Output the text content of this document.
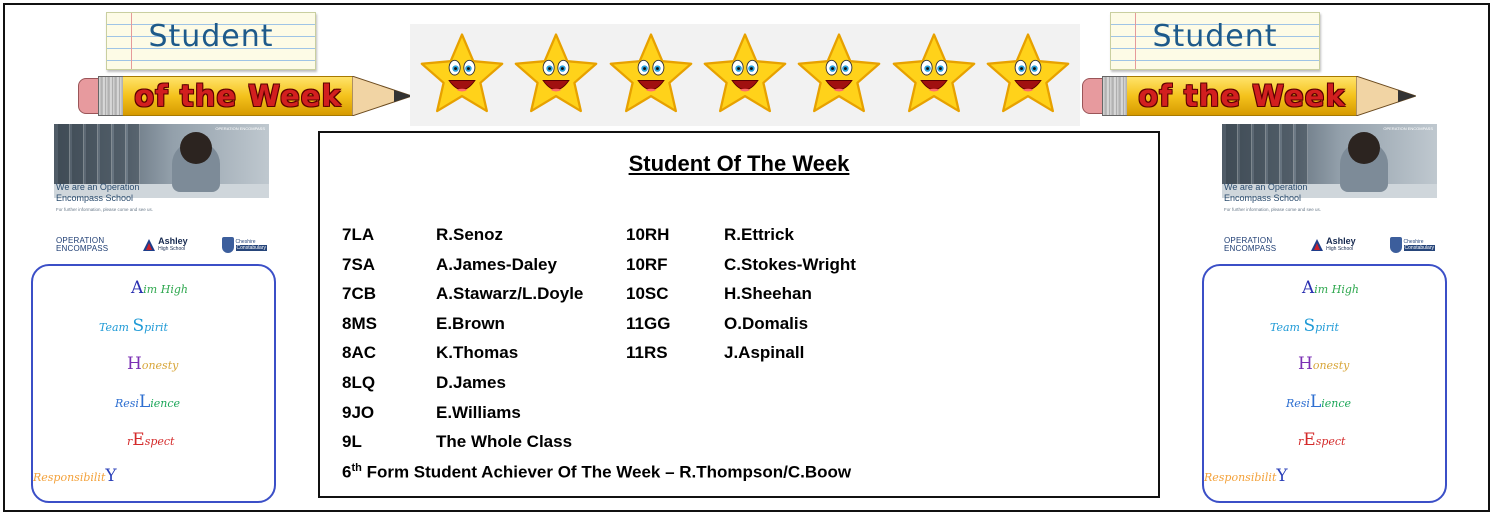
Student
of the Week
Student
of the Week
OPERATION ENCOMPASS
We are an Operation Encompass School
For further information, please come and see us.
OPERATION
ENCOMPASS
Ashley
High School
Cheshire
Constabulary
OPERATION ENCOMPASS
We are an Operation Encompass School
For further information, please come and see us.
OPERATION
ENCOMPASS
Ashley
High School
Cheshire
Constabulary
Aim High
Team Spirit
Honesty
ResiLience
rEspect
ResponsibilitY
Aim High
Team Spirit
Honesty
ResiLience
rEspect
ResponsibilitY
Student Of The Week
7LA	R.Senoz
7SA	A.James-Daley
7CB	A.Stawarz/L.Doyle
8MS	E.Brown
8AC	K.Thomas
8LQ	D.James
9JO	E.Williams
9L	The Whole Class
10RH	R.Ettrick
10RF	C.Stokes-Wright
10SC	H.Sheehan
11GG	O.Domalis
11RS	J.Aspinall
6th Form Student Achiever Of The Week – R.Thompson/C.Boow
